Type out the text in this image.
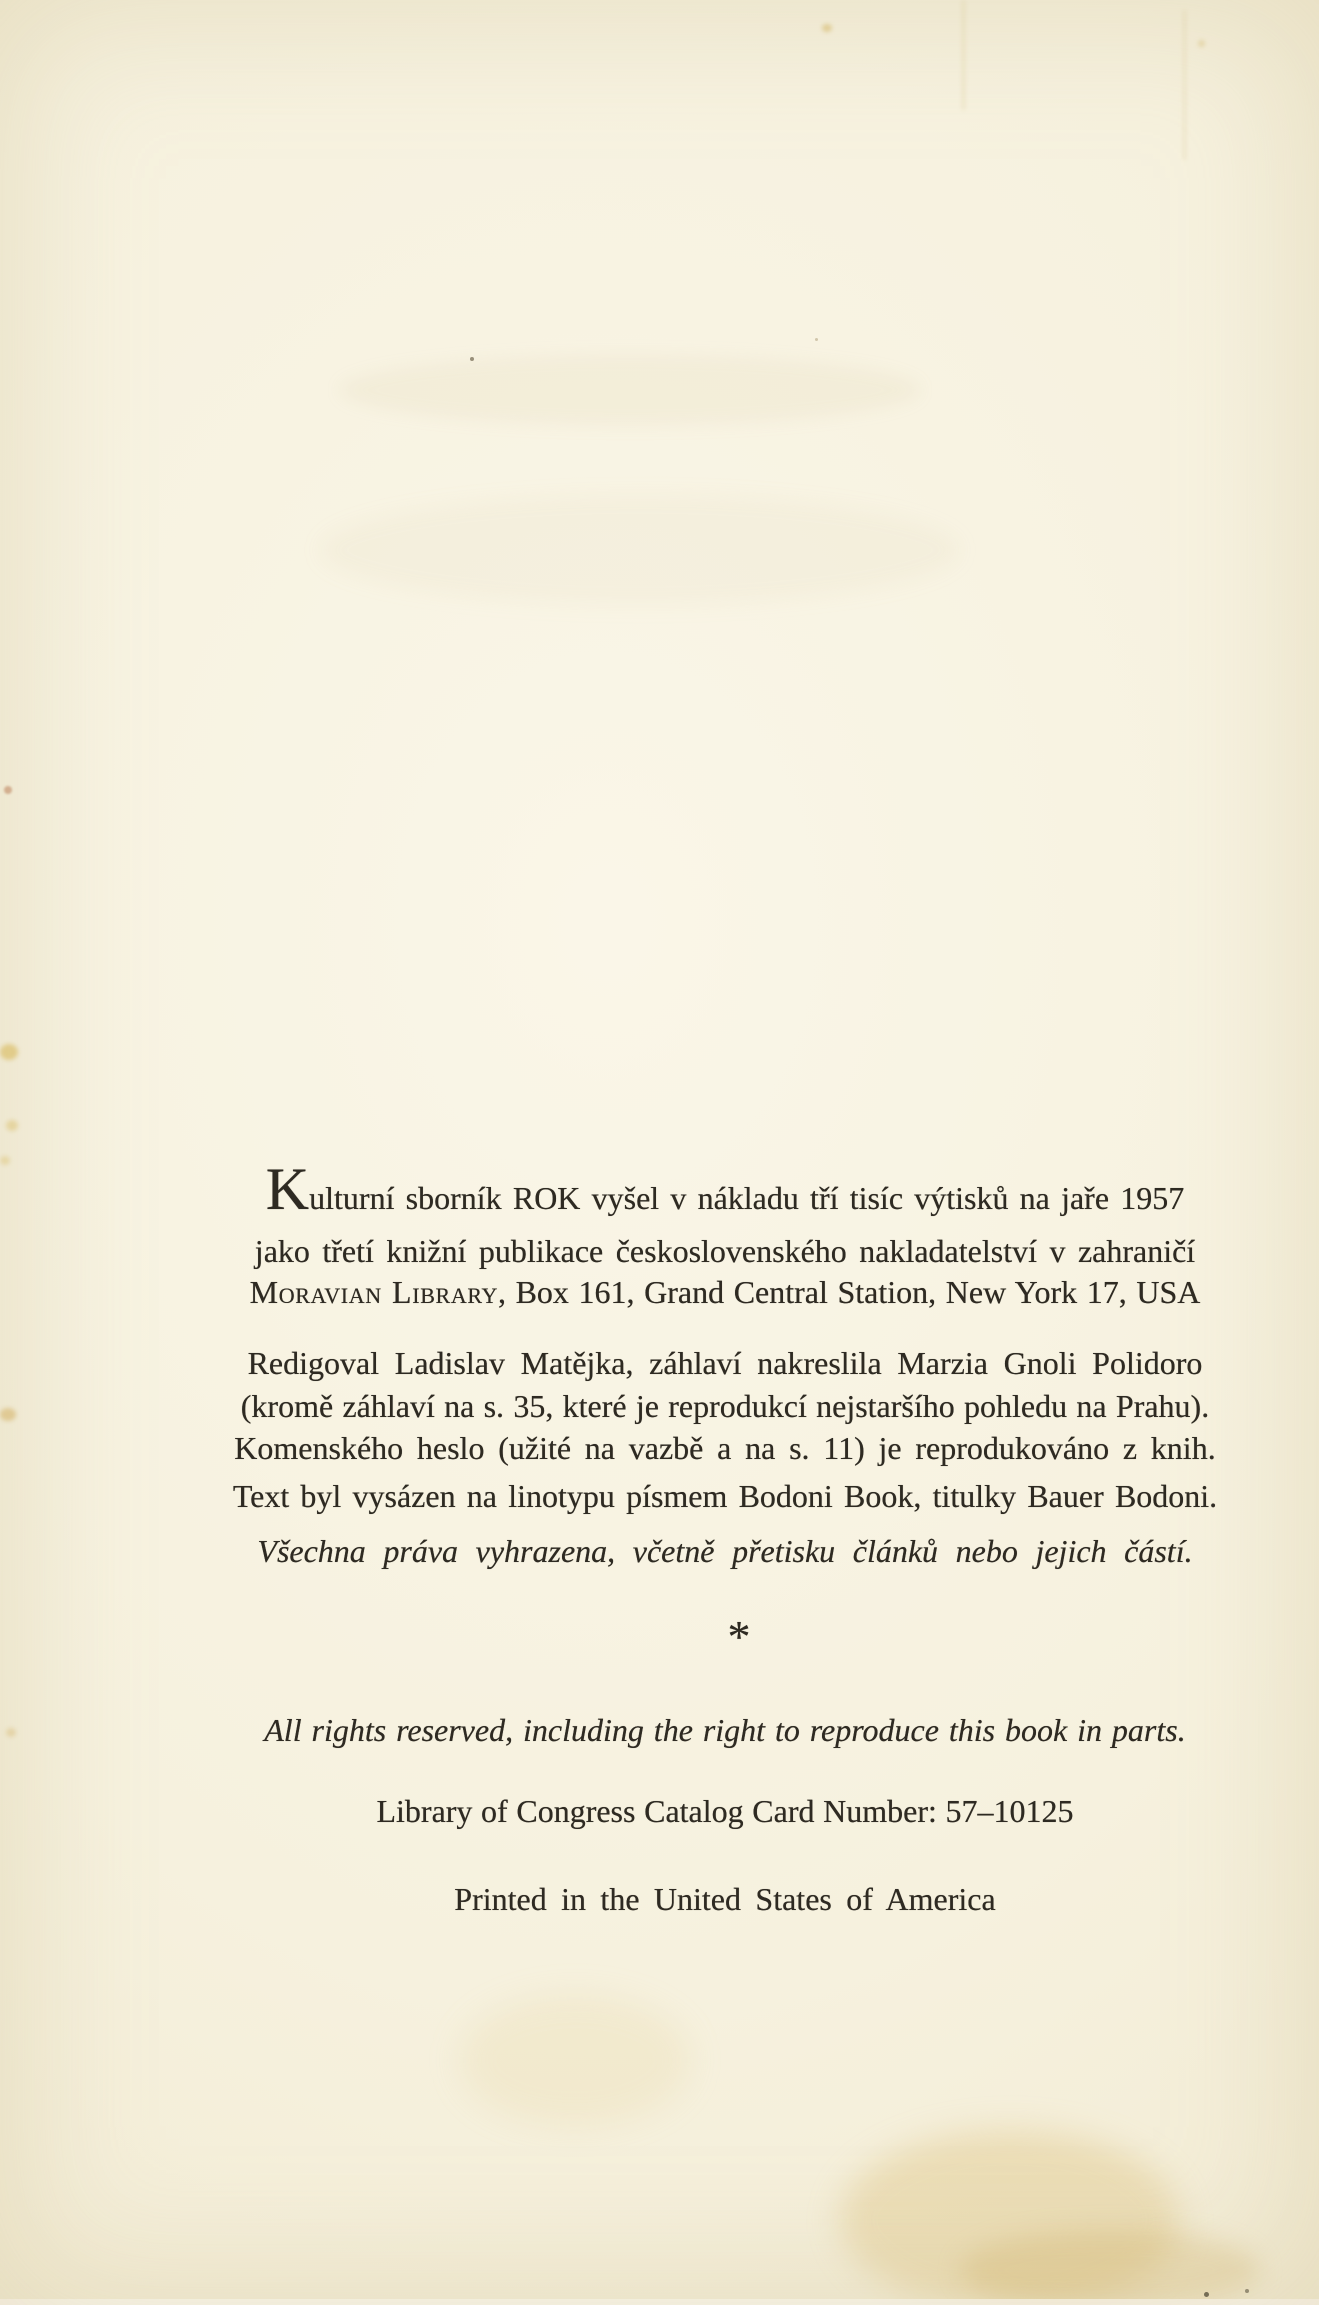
Kulturní sborník ROK vyšel v nákladu tří tisíc výtisků na jaře 1957

jako třetí knižní publikace československého nakladatelství v zahraničí

Moravian Library, Box 161, Grand Central Station, New York 17, USA

Redigoval Ladislav Matějka, záhlaví nakreslila Marzia Gnoli Polidoro

(kromě záhlaví na s. 35, které je reprodukcí nejstaršího pohledu na Prahu).

Komenského heslo (užité na vazbě a na s. 11) je reprodukováno z knih.

Text byl vysázen na linotypu písmem Bodoni Book, titulky Bauer Bodoni.

Všechna práva vyhrazena, včetně přetisku článků nebo jejich částí.

*

All rights reserved, including the right to reproduce this book in parts.

Library of Congress Catalog Card Number: 57–10125

Printed in the United States of America
